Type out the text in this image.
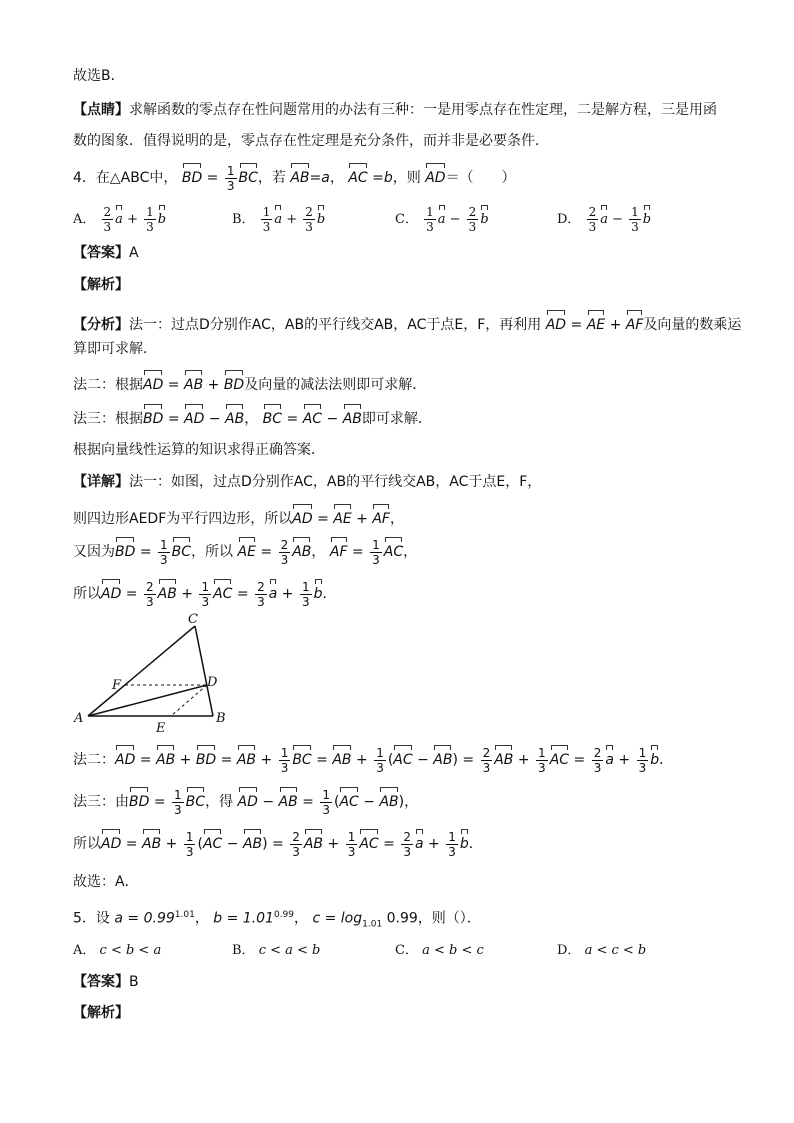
故选B．
【点睛】求解函数的零点存在性问题常用的办法有三种：一是用零点存在性定理，二是解方程，三是用函
数的图象．值得说明的是，零点存在性定理是充分条件，而并非是必要条件．
4．在△ABC中， BD = $\frac{1}{3}$ BC，若 AB=a， AC =b，则 AD＝（　　）
A． $\frac{2}{3}$ $a + \frac{1}{3}$ b	B． $\frac{1}{3}$ $a + \frac{2}{3}$ b	C． $\frac{1}{3}$ $a - \frac{2}{3}$ b	D． $\frac{2}{3}$ $a - \frac{1}{3}$ b
【答案】A
【解析】
【分析】法一：过点D分别作AC，AB的平行线交AB，AC于点E，F，再利用 AD = AE + AF及向量的数乘运
算即可求解．
法二：根据AD = AB + BD及向量的减法法则即可求解．
法三：根据BD = AD − AB， BC = AC − AB即可求解．
根据向量线性运算的知识求得正确答案．
【详解】法一：如图，过点D分别作AC，AB的平行线交AB，AC于点E，F，
则四边形AEDF为平行四边形，所以AD = AE + AF，
又因为BD = $\frac{1}{3}$ BC，所以 AE = $\frac{2}{3}$ AB， AF = $\frac{1}{3}$ AC，
所以AD = $\frac{2}{3}$ AB + $\frac{1}{3}$ AC = $\frac{2}{3}$ $a + \frac{1}{3}$ b．
C
D
F
A	B
E
法二：AD = AB + BD = AB + $\frac{1}{3}$ BC = AB + $\frac{1}{3} (AC - AB) = \frac{2}{3}$ AB + $\frac{1}{3}$ AC = $\frac{2}{3}$ $a + \frac{1}{3}$ b．
法三：由BD = $\frac{1}{3}$ BC，得 AD − AB = $\frac{1}{3} (AC - AB)$，
所以AD = AB + $\frac{1}{3} (AC - AB) = \frac{2}{3}$ AB + $\frac{1}{3}$ AC = $\frac{2}{3}$ $a + \frac{1}{3}$ b．
故选：A．
5．设 $a = 0.99^{1.01}$， $b = 1.01^{0.99}$， $c = \log_{1.01} 0.99$，则（）．
A． c < b < a	B． c < a < b	C． a < b < c	D． a < c < b
【答案】B
【解析】
